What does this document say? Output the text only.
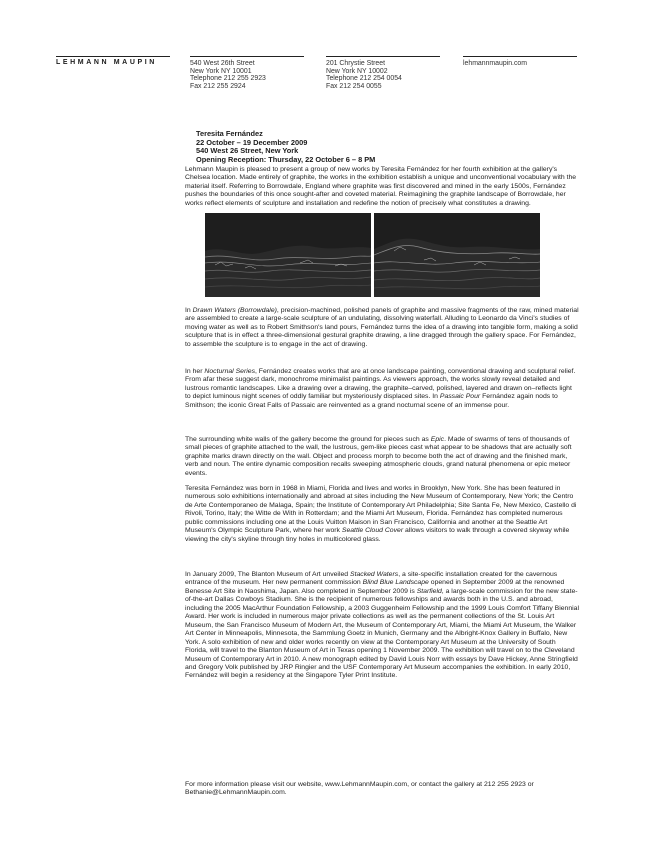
LEHMANN MAUPIN	540 West 26th Street
New York NY 10001
Telephone 212 255 2923
Fax 212 255 2924
201 Chrystie Street
New York NY 10002
Telephone 212 254 0054
Fax 212 254 0055
lehmannmaupin.com
Teresita Fernández
22 October – 19 December 2009
540 West 26 Street, New York
Opening Reception: Thursday, 22 October 6 – 8 PM

Lehmann Maupin is pleased to present a group of new works by Teresita Fernández for her fourth exhibition at the gallery's Chelsea location. Made entirely of graphite, the works in the exhibition establish a unique and unconventional vocabulary with the material itself. Referring to Borrowdale, England where graphite was first discovered and mined in the early 1500s, Fernández pushes the boundaries of this once sought-after and coveted material. Reimagining the graphite landscape of Borrowdale, her works reflect elements of sculpture and installation and redefine the notion of precisely what constitutes a drawing.

In Drawn Waters (Borrowdale), precision-machined, polished panels of graphite and massive fragments of the raw, mined material are assembled to create a large-scale sculpture of an undulating, dissolving waterfall. Alluding to Leonardo da Vinci's studies of moving water as well as to Robert Smithson's land pours, Fernández turns the idea of a drawing into tangible form, making a solid sculpture that is in effect a three-dimensional gestural graphite drawing, a line dragged through the gallery space. For Fernández, to assemble the sculpture is to engage in the act of drawing.

In her Nocturnal Series, Fernández creates works that are at once landscape painting, conventional drawing and sculptural relief. From afar these suggest dark, monochrome minimalist paintings. As viewers approach, the works slowly reveal detailed and lustrous romantic landscapes. Like a drawing over a drawing, the graphite–carved, polished, layered and drawn on–reflects light to depict luminous night scenes of oddly familiar but mysteriously displaced sites. In Passaic Pour Fernández again nods to Smithson; the iconic Great Falls of Passaic are reinvented as a grand nocturnal scene of an immense pour.

The surrounding white walls of the gallery become the ground for pieces such as Epic. Made of swarms of tens of thousands of small pieces of graphite attached to the wall, the lustrous, gem-like pieces cast what appear to be shadows that are actually soft graphite marks drawn directly on the wall. Object and process morph to become both the act of drawing and the finished mark, verb and noun. The entire dynamic composition recalls sweeping atmospheric clouds, grand natural phenomena or epic meteor events.

Teresita Fernández was born in 1968 in Miami, Florida and lives and works in Brooklyn, New York. She has been featured in numerous solo exhibitions internationally and abroad at sites including the New Museum of Contemporary, New York; the Centro de Arte Contemporaneo de Malaga, Spain; the Institute of Contemporary Art Philadelphia; Site Santa Fe, New Mexico, Castello di Rivoli, Torino, Italy; the Witte de With in Rotterdam; and the Miami Art Museum, Florida. Fernández has completed numerous public commissions including one at the Louis Vuitton Maison in San Francisco, California and another at the Seattle Art Museum's Olympic Sculpture Park, where her work Seattle Cloud Cover allows visitors to walk through a covered skyway while viewing the city's skyline through tiny holes in multicolored glass.

In January 2009, The Blanton Museum of Art unveiled Stacked Waters, a site-specific installation created for the cavernous entrance of the museum. Her new permanent commission Blind Blue Landscape opened in September 2009 at the renowned Benesse Art Site in Naoshima, Japan. Also completed in September 2009 is Starfield, a large-scale commission for the new state-of-the-art Dallas Cowboys Stadium. She is the recipient of numerous fellowships and awards both in the U.S. and abroad, including the 2005 MacArthur Foundation Fellowship, a 2003 Guggenheim Fellowship and the 1999 Louis Comfort Tiffany Biennial Award. Her work is included in numerous major private collections as well as the permanent collections of the St. Louis Art Museum, the San Francisco Museum of Modern Art, the Museum of Contemporary Art, Miami, the Miami Art Museum, the Walker Art Center in Minneapolis, Minnesota, the Sammlung Goetz in Munich, Germany and the Albright-Knox Gallery in Buffalo, New York. A solo exhibition of new and older works recently on view at the Contemporary Art Museum at the University of South Florida, will travel to the Blanton Museum of Art in Texas opening 1 November 2009. The exhibition will travel on to the Cleveland Museum of Contemporary Art in 2010. A new monograph edited by David Louis Norr with essays by Dave Hickey, Anne Stringfield and Gregory Volk published by JRP Ringier and the USF Contemporary Art Museum accompanies the exhibition. In early 2010, Fernández will begin a residency at the Singapore Tyler Print Institute.

For more information please visit our website, www.LehmannMaupin.com, or contact the gallery at 212 255 2923 or Bethanie@LehmannMaupin.com.
